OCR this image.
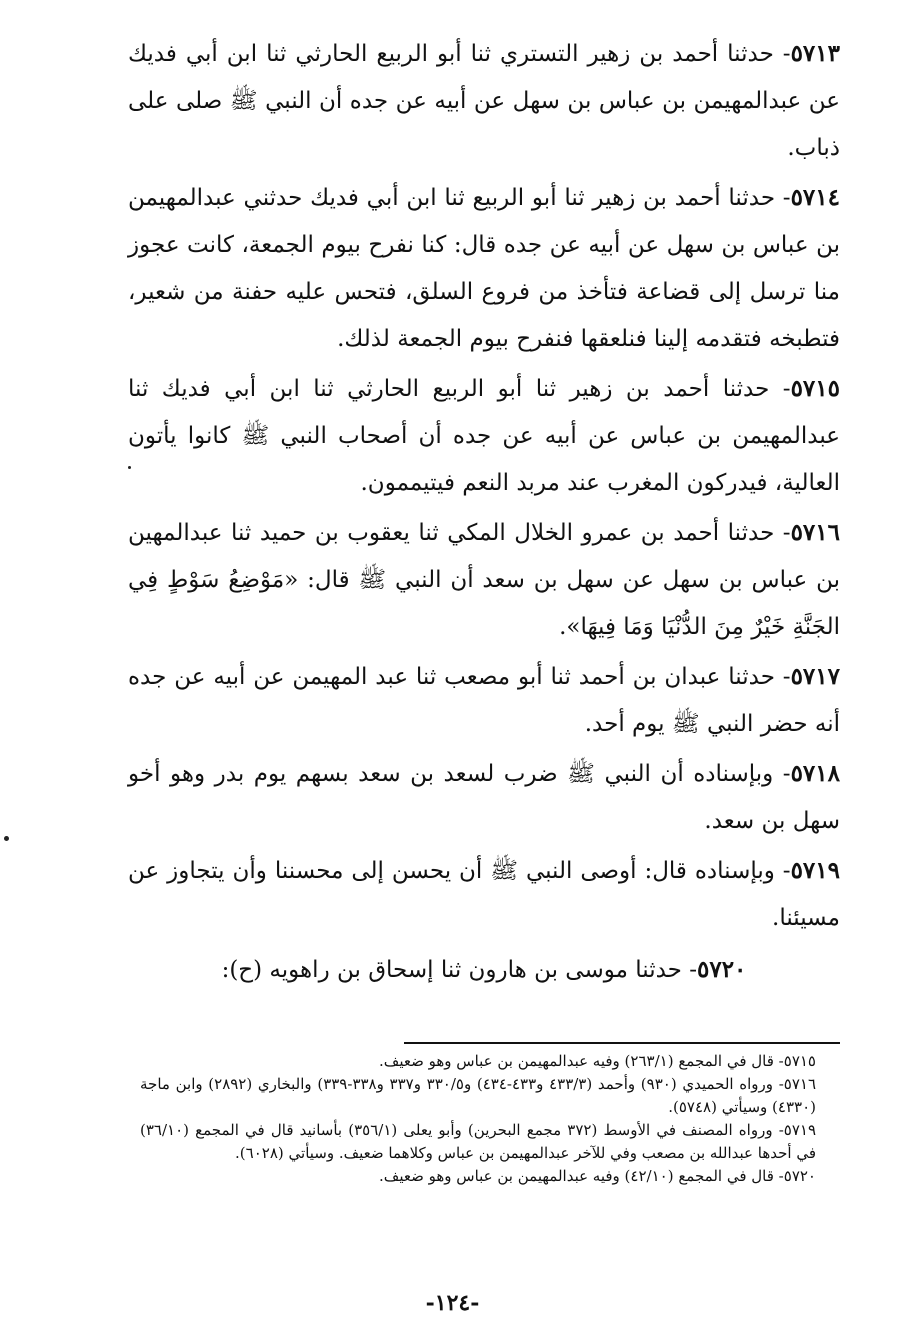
٥٧١٣- حدثنا أحمد بن زهير التستري ثنا أبو الربيع الحارثي ثنا ابن أبي فديك عن عبدالمهيمن بن عباس بن سهل عن أبيه عن جده أن النبي ﷺ صلى على ذباب.

٥٧١٤- حدثنا أحمد بن زهير ثنا أبو الربيع ثنا ابن أبي فديك حدثني عبدالمهيمن بن عباس بن سهل عن أبيه عن جده قال: كنا نفرح بيوم الجمعة، كانت عجوز منا ترسل إلى قضاعة فتأخذ من فروع السلق، فتحس عليه حفنة من شعير، فتطبخه فتقدمه إلينا فنلعقها فنفرح بيوم الجمعة لذلك.

٥٧١٥- حدثنا أحمد بن زهير ثنا أبو الربيع الحارثي ثنا ابن أبي فديك ثنا عبدالمهيمن بن عباس عن أبيه عن جده أن أصحاب النبي ﷺ كانوا يأتون العالية، فيدركون المغرب عند مربد النعم فيتيممون.

٥٧١٦- حدثنا أحمد بن عمرو الخلال المكي ثنا يعقوب بن حميد ثنا عبدالمهين بن عباس بن سهل عن سهل بن سعد أن النبي ﷺ قال: «مَوْضِعُ سَوْطٍ فِي الجَنَّةِ خَيْرٌ مِنَ الدُّنْيَا وَمَا فِيهَا».

٥٧١٧- حدثنا عبدان بن أحمد ثنا أبو مصعب ثنا عبد المهيمن عن أبيه عن جده أنه حضر النبي ﷺ يوم أحد.

٥٧١٨- وبإسناده أن النبي ﷺ ضرب لسعد بن سعد بسهم يوم بدر وهو أخو سهل بن سعد.

٥٧١٩- وبإسناده قال: أوصى النبي ﷺ أن يحسن إلى محسننا وأن يتجاوز عن مسيئنا.

٥٧٢٠- حدثنا موسى بن هارون ثنا إسحاق بن راهويه (ح):

٥٧١٥- قال في المجمع (٢٦٣/١) وفيه عبدالمهيمن بن عباس وهو ضعيف.

٥٧١٦- ورواه الحميدي (٩٣٠) وأحمد (٤٣٣/٣ و٤٣٣-٤٣٤) و٣٣٠/٥ و٣٣٧ و٣٣٨-٣٣٩) والبخاري (٢٨٩٢) وابن ماجة (٤٣٣٠) وسيأتي (٥٧٤٨).

٥٧١٩- ورواه المصنف في الأوسط (٣٧٢ مجمع البحرين) وأبو يعلى (٣٥٦/١) بأسانيد قال في المجمع (٣٦/١٠) في أحدها عبدالله بن مصعب وفي للآخر عبدالمهيمن بن عباس وكلاهما ضعيف. وسيأتي (٦٠٢٨).

٥٧٢٠- قال في المجمع (٤٢/١٠) وفيه عبدالمهيمن بن عباس وهو ضعيف.

-١٢٤-
